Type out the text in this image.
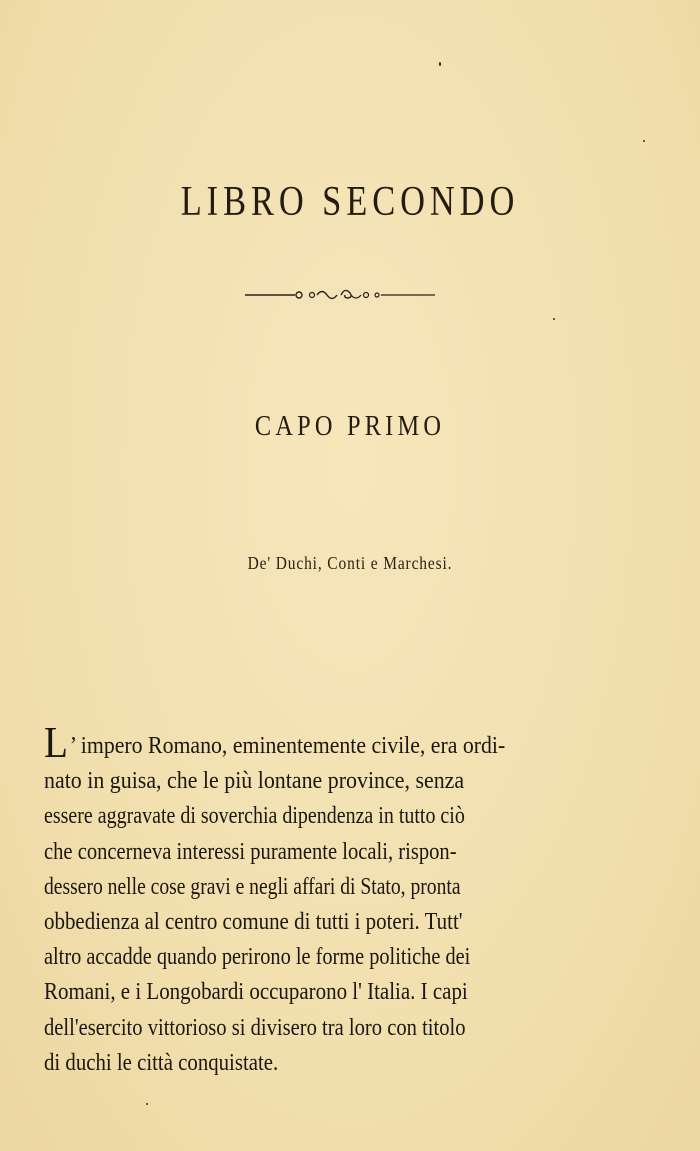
LIBRO SECONDO
CAPO PRIMO
De' Duchi, Conti e Marchesi.
L’ impero Romano, eminentemente civile, era ordi-
nato in guisa, che le più lontane province, senza
essere aggravate di soverchia dipendenza in tutto ciò
che concerneva interessi puramente locali, rispon-
dessero nelle cose gravi e negli affari di Stato, pronta
obbedienza al centro comune di tutti i poteri. Tutt'
altro accadde quando perirono le forme politiche dei
Romani, e i Longobardi occuparono l' Italia. I capi
dell'esercito vittorioso si divisero tra loro con titolo
di duchi le città conquistate.
